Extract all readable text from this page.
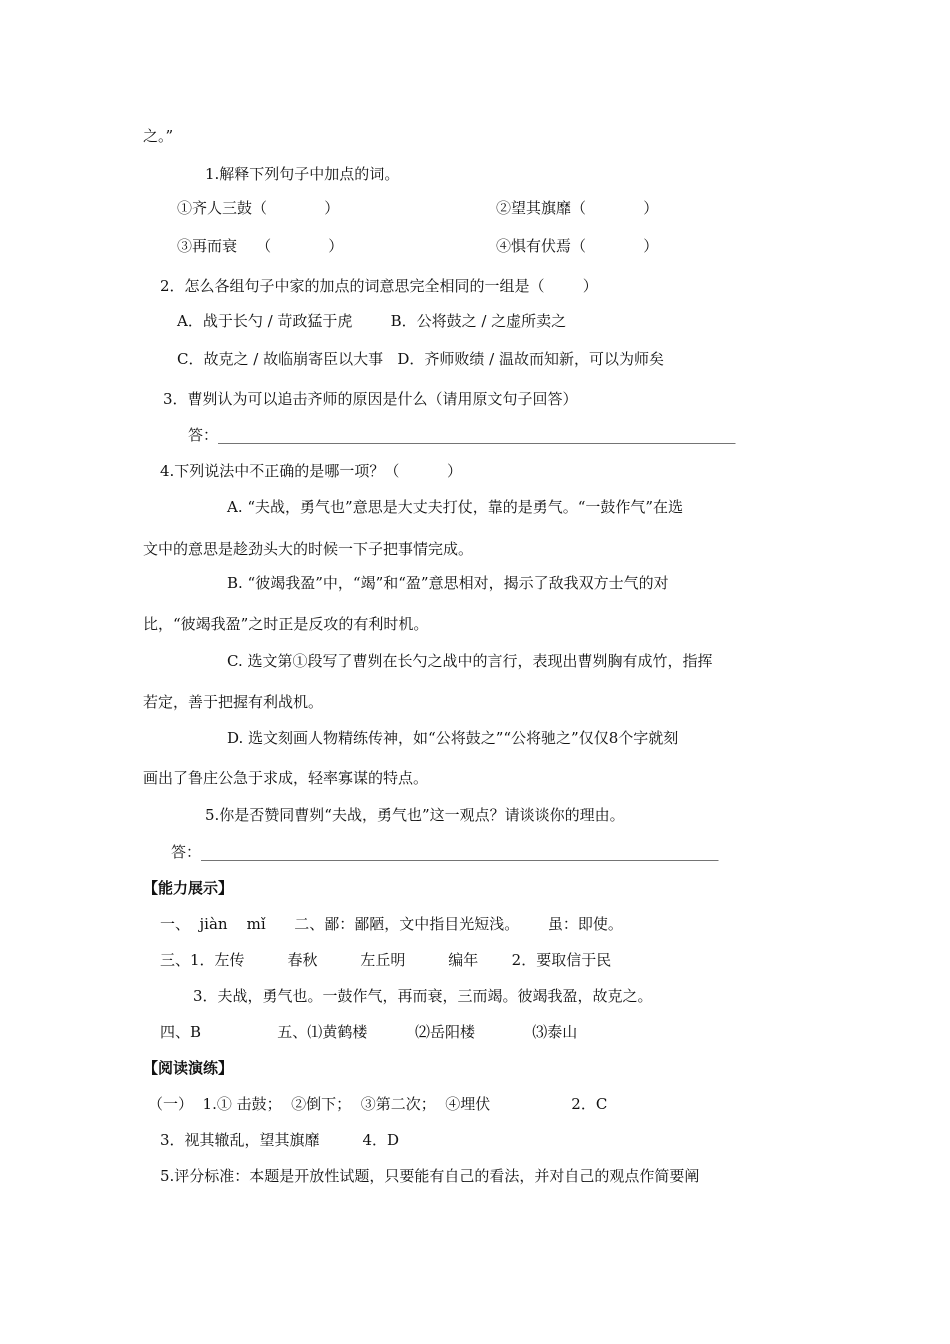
之。”
1.解释下列句子中加点的词。
①齐人三鼓（            ）	②望其旗靡（            ）
③再而衰    （            ）	④惧有伏焉（            ）
2．怎么各组句子中家的加点的词意思完全相同的一组是（        ）
A．战于长勺 / 苛政猛于虎        B．公将鼓之 / 之虚所卖之
C．故克之 / 故临崩寄臣以大事   D．齐师败绩 / 温故而知新，可以为师矣
3．曹刿认为可以追击齐师的原因是什么（请用原文句子回答）
答：_____________________________________________________________________
4.下列说法中不正确的是哪一项？（          ）
A. “夫战，勇气也”意思是大丈夫打仗，靠的是勇气。“一鼓作气”在选
文中的意思是趁劲头大的时候一下子把事情完成。
B. “彼竭我盈”中，“竭”和“盈”意思相对，揭示了敌我双方士气的对
比，“彼竭我盈”之时正是反攻的有利时机。
C. 选文第①段写了曹刿在长勺之战中的言行，表现出曹刿胸有成竹，指挥
若定，善于把握有利战机。
D. 选文刻画人物精练传神，如“公将鼓之”“公将驰之”仅仅8个字就刻
画出了鲁庄公急于求成，轻率寡谋的特点。
5.你是否赞同曹刿“夫战，勇气也”这一观点？请谈谈你的理由。
答：_____________________________________________________________________
【能力展示】
一、  jiàn    mǐ      二、鄙：鄙陋，文中指目光短浅。      虽：即使。
三、1．左传         春秋         左丘明         编年       2．要取信于民
3．夫战，勇气也。一鼓作气，再而衰，三而竭。彼竭我盈，故克之。
四、B                五、⑴黄鹤楼          ⑵岳阳楼            ⑶泰山
【阅读演练】
（一）  1.① 击鼓；  ②倒下；  ③第二次；  ④埋伏                 2．C
3．视其辙乱，望其旗靡         4．D
5.评分标准：本题是开放性试题，只要能有自己的看法，并对自己的观点作简要阐
